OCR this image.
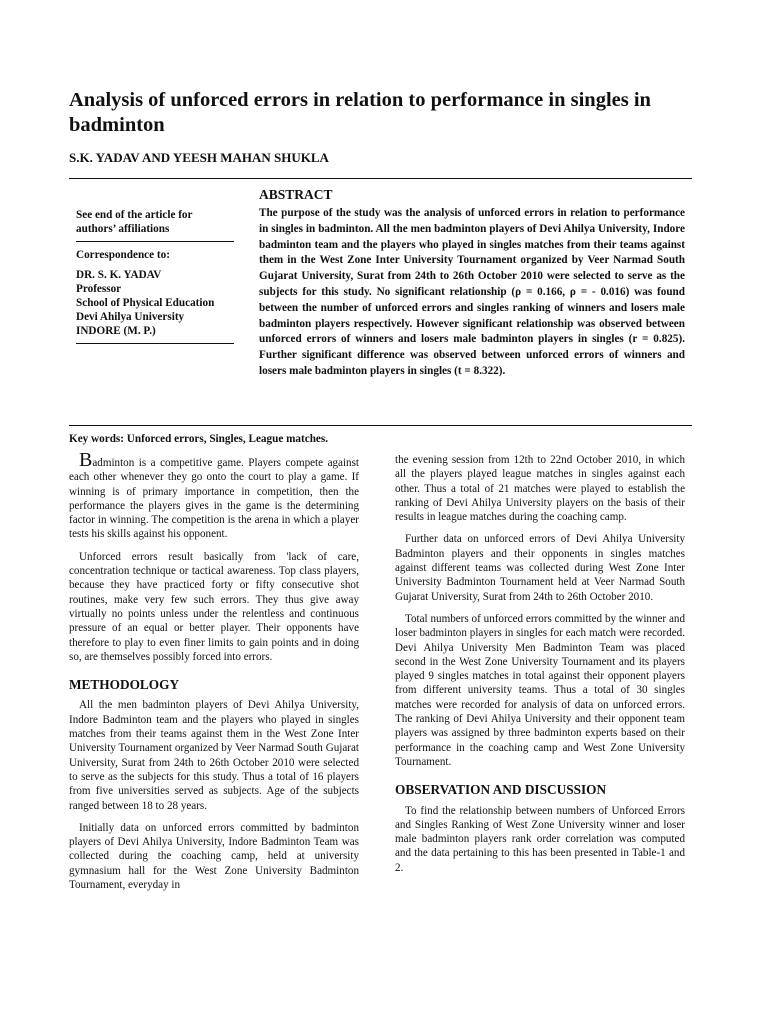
Analysis of unforced errors in relation to performance in singles in badminton

S.K. YADAV AND YEESH MAHAN SHUKLA

See end of the article for authors’ affiliations

Correspondence to:

DR. S. K. YADAV

Professor

School of Physical Education

Devi Ahilya University

INDORE (M. P.)

ABSTRACT

The purpose of the study was the analysis of unforced errors in relation to performance in singles in badminton. All the men badminton players of Devi Ahilya University, Indore badminton team and the players who played in singles matches from their teams against them in the West Zone Inter University Tournament organized by Veer Narmad South Gujarat University, Surat from 24th to 26th October 2010 were selected to serve as the subjects for this study. No significant relationship (ρ = 0.166, ρ = - 0.016) was found between the number of unforced errors and singles ranking of winners and losers male badminton players respectively. However significant relationship was observed between unforced errors of winners and losers male badminton players in singles (r = 0.825). Further significant difference was observed between unforced errors of winners and losers male badminton players in singles (t = 8.322).

Key words: Unforced errors, Singles, League matches.

Badminton is a competitive game. Players compete against each other whenever they go onto the court to play a game. If winning is of primary importance in competition, then the performance the players gives in the game is the determining factor in winning. The competition is the arena in which a player tests his skills against his opponent.

Unforced errors result basically from 'lack of care, concentration technique or tactical awareness. Top class players, because they have practiced forty or fifty consecutive shot routines, make very few such errors. They thus give away virtually no points unless under the relentless and continuous pressure of an equal or better player. Their opponents have therefore to play to even finer limits to gain points and in doing so, are themselves possibly forced into errors.

METHODOLOGY

All the men badminton players of Devi Ahilya University, Indore Badminton team and the players who played in singles matches from their teams against them in the West Zone Inter University Tournament organized by Veer Narmad South Gujarat University, Surat from 24th to 26th October 2010 were selected to serve as the subjects for this study. Thus a total of 16 players from five universities served as subjects. Age of the subjects ranged between 18 to 28 years.

Initially data on unforced errors committed by badminton players of Devi Ahilya University, Indore Badminton Team was collected during the coaching camp, held at university gymnasium hall for the West Zone University Badminton Tournament, everyday in

the evening session from 12th to 22nd October 2010, in which all the players played league matches in singles against each other. Thus a total of 21 matches were played to establish the ranking of Devi Ahilya University players on the basis of their results in league matches during the coaching camp.

Further data on unforced errors of Devi Ahilya University Badminton players and their opponents in singles matches against different teams was collected during West Zone Inter University Badminton Tournament held at Veer Narmad South Gujarat University, Surat from 24th to 26th October 2010.

Total numbers of unforced errors committed by the winner and loser badminton players in singles for each match were recorded. Devi Ahilya University Men Badminton Team was placed second in the West Zone University Tournament and its players played 9 singles matches in total against their opponent players from different university teams. Thus a total of 30 singles matches were recorded for analysis of data on unforced errors. The ranking of Devi Ahilya University and their opponent team players was assigned by three badminton experts based on their performance in the coaching camp and West Zone University Tournament.

OBSERVATION AND DISCUSSION

To find the relationship between numbers of Unforced Errors and Singles Ranking of West Zone University winner and loser male badminton players rank order correlation was computed and the data pertaining to this has been presented in Table-1 and 2.
